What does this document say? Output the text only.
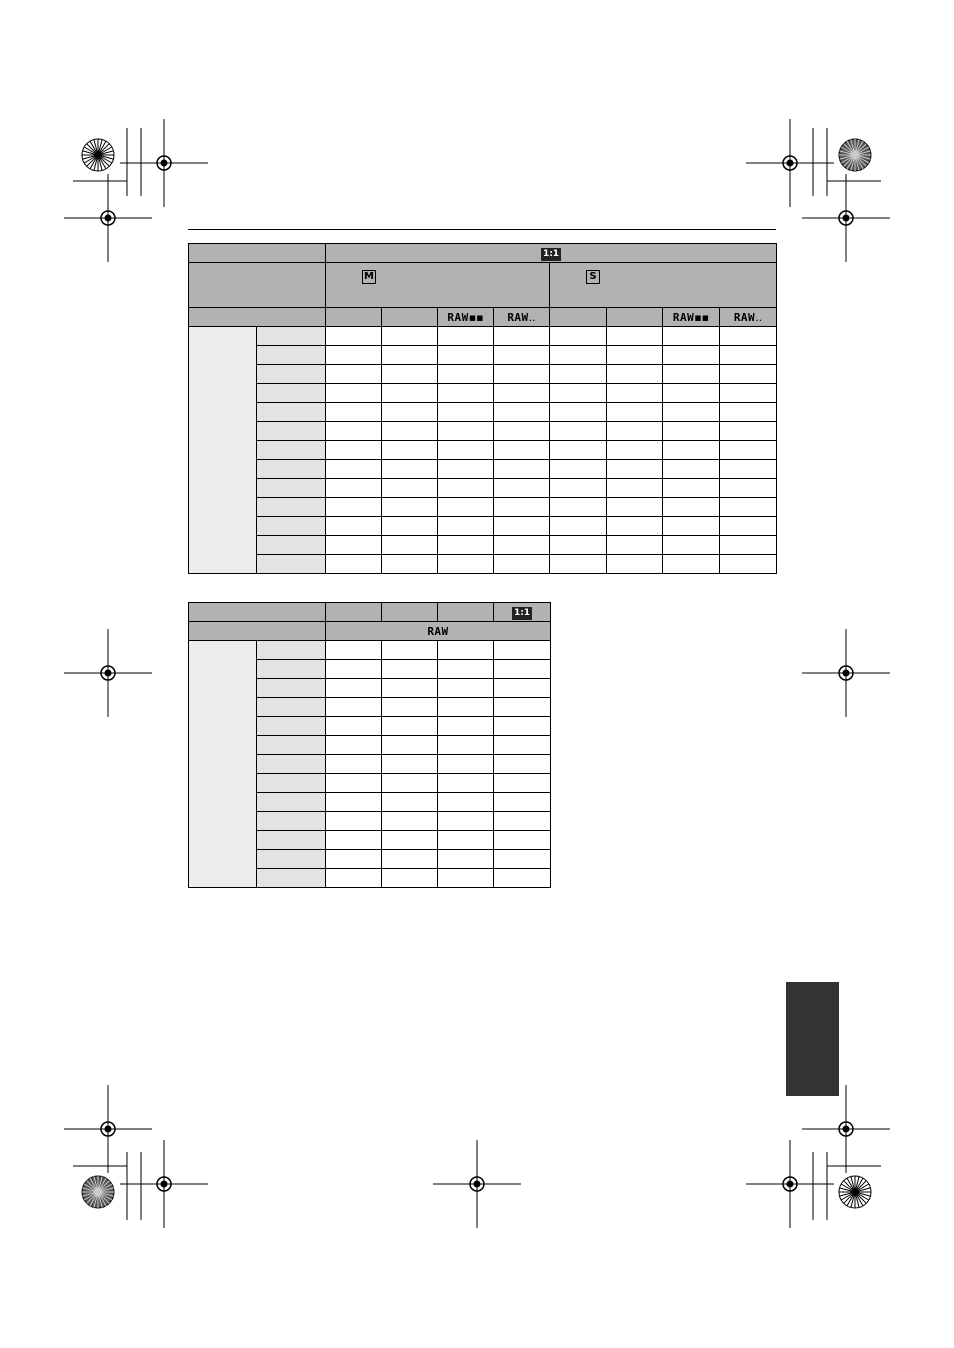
		1:1							
		M				S			
				RAW▪▪	RAW..			RAW▪▪	RAW..

					1:1
		RAW			
